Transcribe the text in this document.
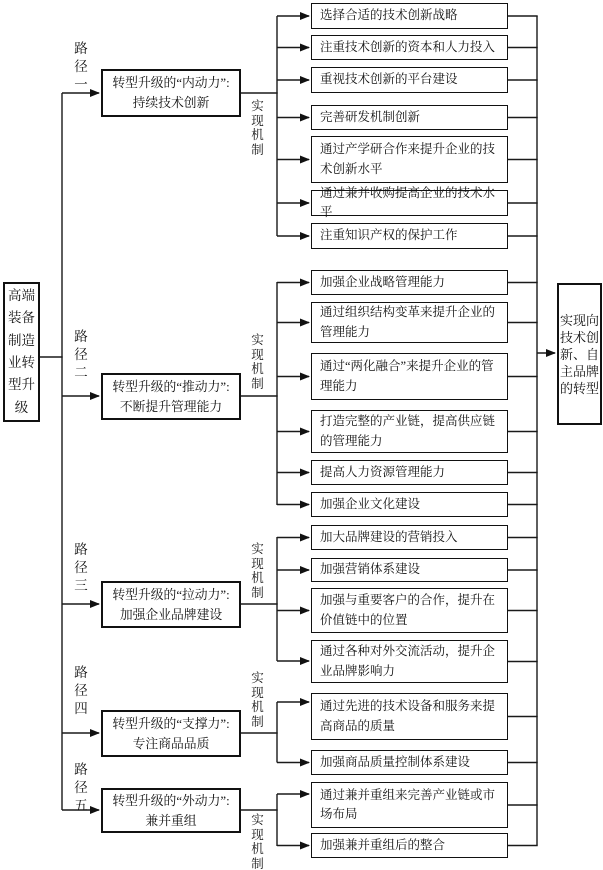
高端装备制造业转型升级
路径一
路径二
路径三
路径四
路径五
转型升级的“内动力”:
持续技术创新
转型升级的“推动力”:
不断提升管理能力
转型升级的“拉动力”:
加强企业品牌建设
转型升级的“支撑力”:
专注商品品质
转型升级的“外动力”:
兼并重组
实现机制
实现机制
实现机制
实现机制
实现机制
选择合适的技术创新战略
注重技术创新的资本和人力投入
重视技术创新的平台建设
完善研发机制创新
通过产学研合作来提升企业的技术创新水平
通过兼并收购提高企业的技术水平
注重知识产权的保护工作
加强企业战略管理能力
通过组织结构变革来提升企业的管理能力
通过“两化融合”来提升企业的管理能力
打造完整的产业链，提高供应链的管理能力
提高人力资源管理能力
加强企业文化建设
加大品牌建设的营销投入
加强营销体系建设
加强与重要客户的合作，提升在价值链中的位置
通过各种对外交流活动，提升企业品牌影响力
通过先进的技术设备和服务来提高商品的质量
加强商品质量控制体系建设
通过兼并重组来完善产业链或市场布局
加强兼并重组后的整合
实现向技术创新、自主品牌的转型
